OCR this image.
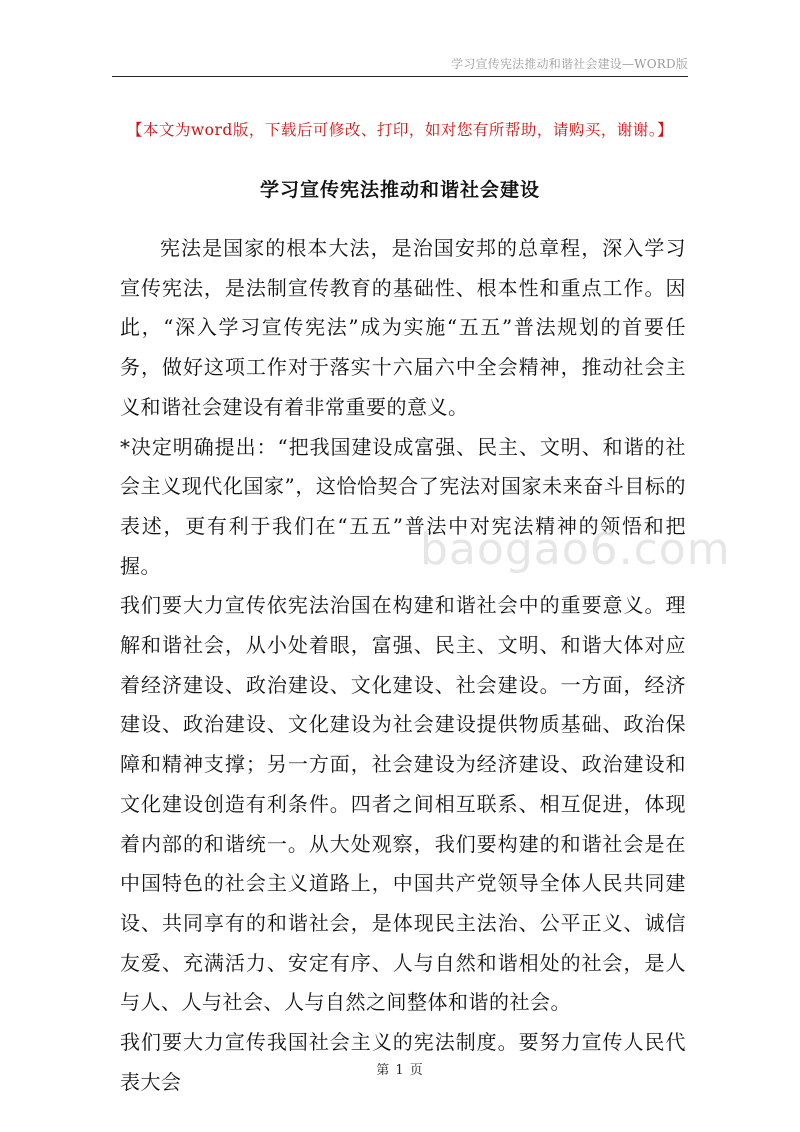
学习宣传宪法推动和谐社会建设—WORD版
【本文为word版，下载后可修改、打印，如对您有所帮助，请购买，谢谢。】
学习宣传宪法推动和谐社会建设

宪法是国家的根本大法，是治国安邦的总章程，深入学习宣传宪法，是法制宣传教育的基础性、根本性和重点工作。因此，“深入学习宣传宪法”成为实施“五五”普法规划的首要任务，做好这项工作对于落实十六届六中全会精神，推动社会主义和谐社会建设有着非常重要的意义。

*决定明确提出：“把我国建设成富强、民主、文明、和谐的社会主义现代化国家”，这恰恰契合了宪法对国家未来奋斗目标的表述，更有利于我们在“五五”普法中对宪法精神的领悟和把握。

我们要大力宣传依宪法治国在构建和谐社会中的重要意义。理解和谐社会，从小处着眼，富强、民主、文明、和谐大体对应着经济建设、政治建设、文化建设、社会建设。一方面，经济建设、政治建设、文化建设为社会建设提供物质基础、政治保障和精神支撑；另一方面，社会建设为经济建设、政治建设和文化建设创造有利条件。四者之间相互联系、相互促进，体现着内部的和谐统一。从大处观察，我们要构建的和谐社会是在中国特色的社会主义道路上，中国共产党领导全体人民共同建设、共同享有的和谐社会，是体现民主法治、公平正义、诚信友爱、充满活力、安定有序、人与自然和谐相处的社会，是人与人、人与社会、人与自然之间整体和谐的社会。

我们要大力宣传我国社会主义的宪法制度。要努力宣传人民代表大会

baogao6.com
第 1 页
